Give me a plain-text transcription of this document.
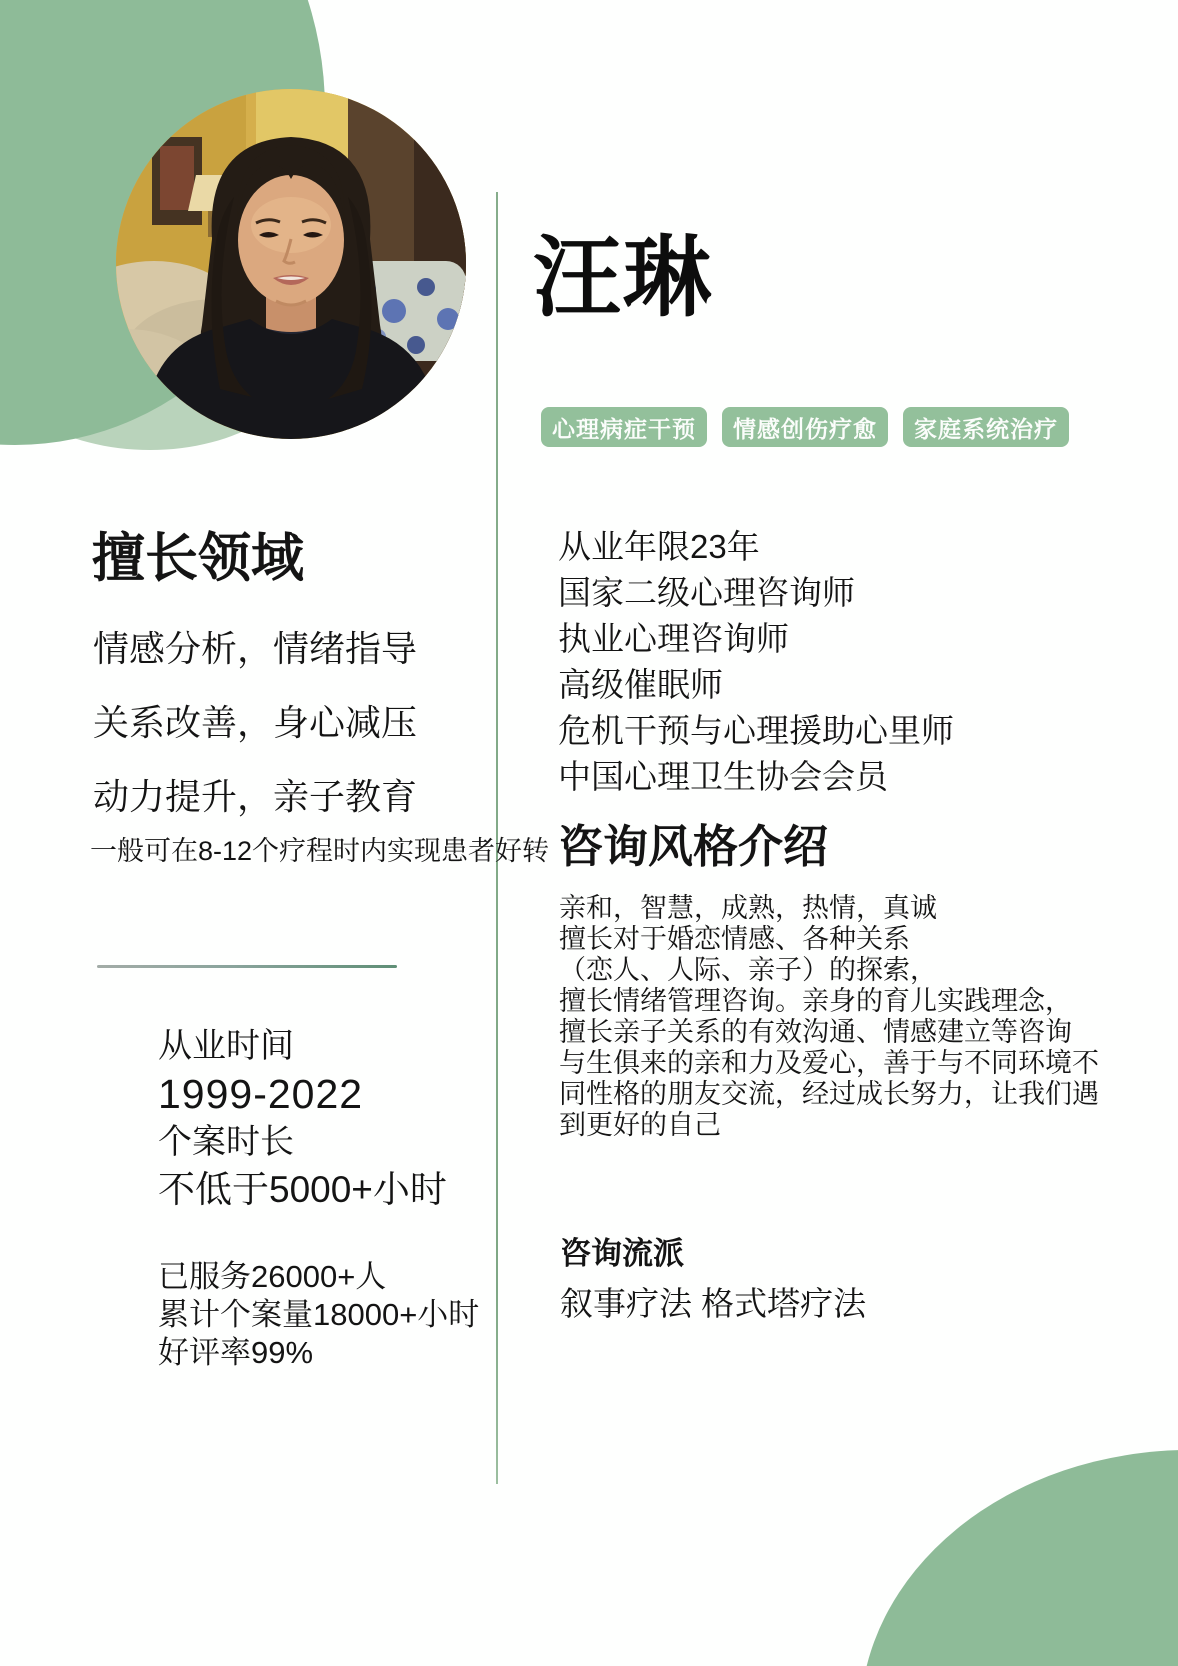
汪琳
心理病症干预	情感创伤疗愈	家庭系统治疗
擅长领域
情感分析，情绪指导
关系改善，身心减压
动力提升，亲子教育
一般可在8-12个疗程时内实现患者好转
从业时间
1999-2022
个案时长
不低于5000+小时
已服务26000+人
累计个案量18000+小时
好评率99%
从业年限23年
国家二级心理咨询师
执业心理咨询师
高级催眠师
危机干预与心理援助心里师
中国心理卫生协会会员
咨询风格介绍
亲和，智慧，成熟，热情，真诚
擅长对于婚恋情感、各种关系
（恋人、人际、亲子）的探索，
擅长情绪管理咨询。亲身的育儿实践理念，
擅长亲子关系的有效沟通、情感建立等咨询
与生俱来的亲和力及爱心，善于与不同环境不
同性格的朋友交流，经过成长努力，让我们遇
到更好的自己
咨询流派
叙事疗法 格式塔疗法
